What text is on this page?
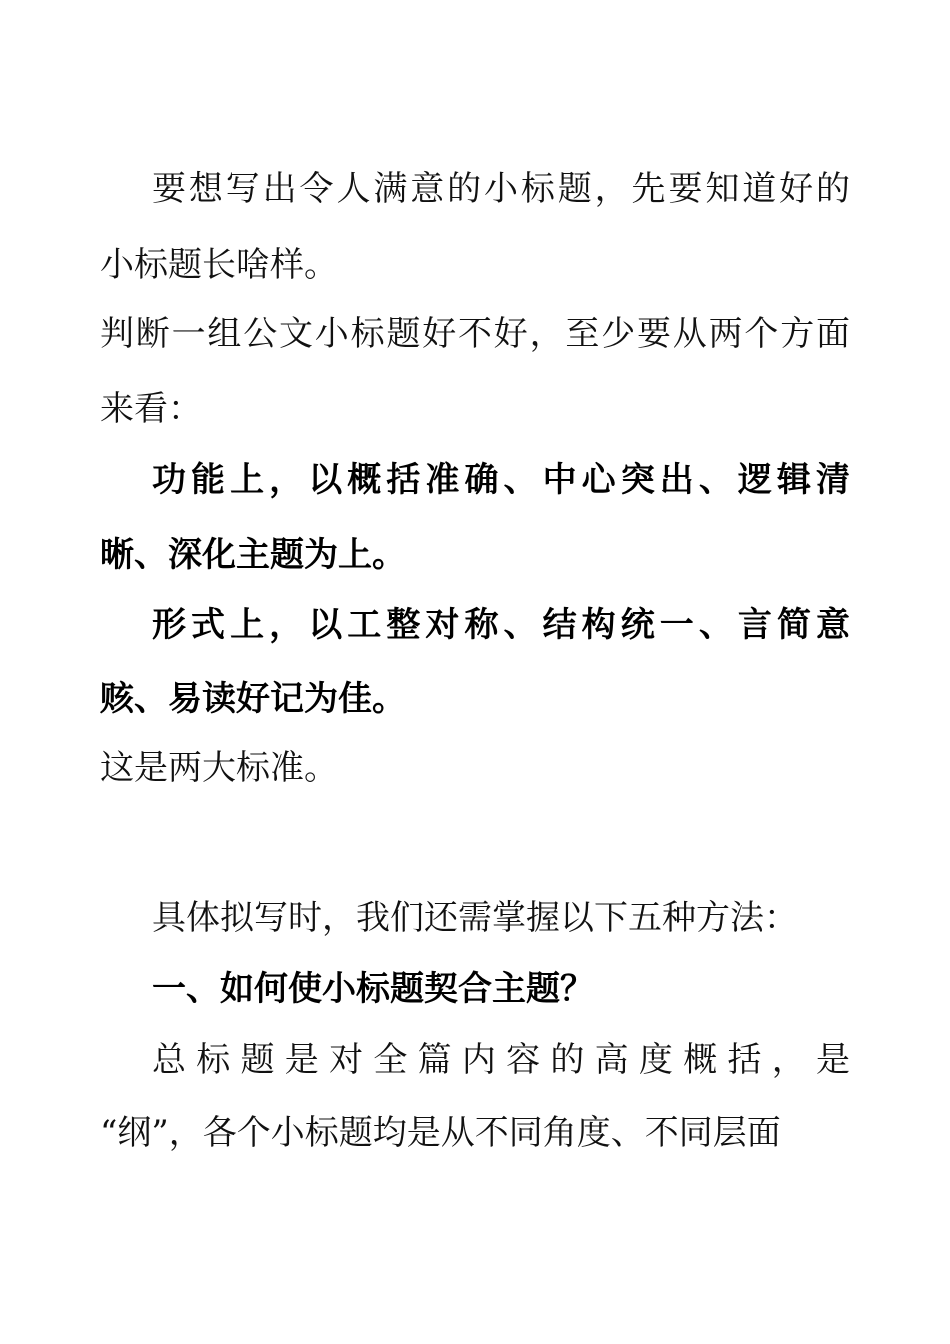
要想写出令人满意的小标题，先要知道好的
小标题长啥样。
判断一组公文小标题好不好，至少要从两个方面
来看：
功能上，以概括准确、中心突出、逻辑清
晰、深化主题为上。
形式上，以工整对称、结构统一、言简意
赅、易读好记为佳。
这是两大标准。
具体拟写时，我们还需掌握以下五种方法：
一、如何使小标题契合主题？
总标题是对全篇内容的高度概括，是
“纲”，各个小标题均是从不同角度、不同层面
